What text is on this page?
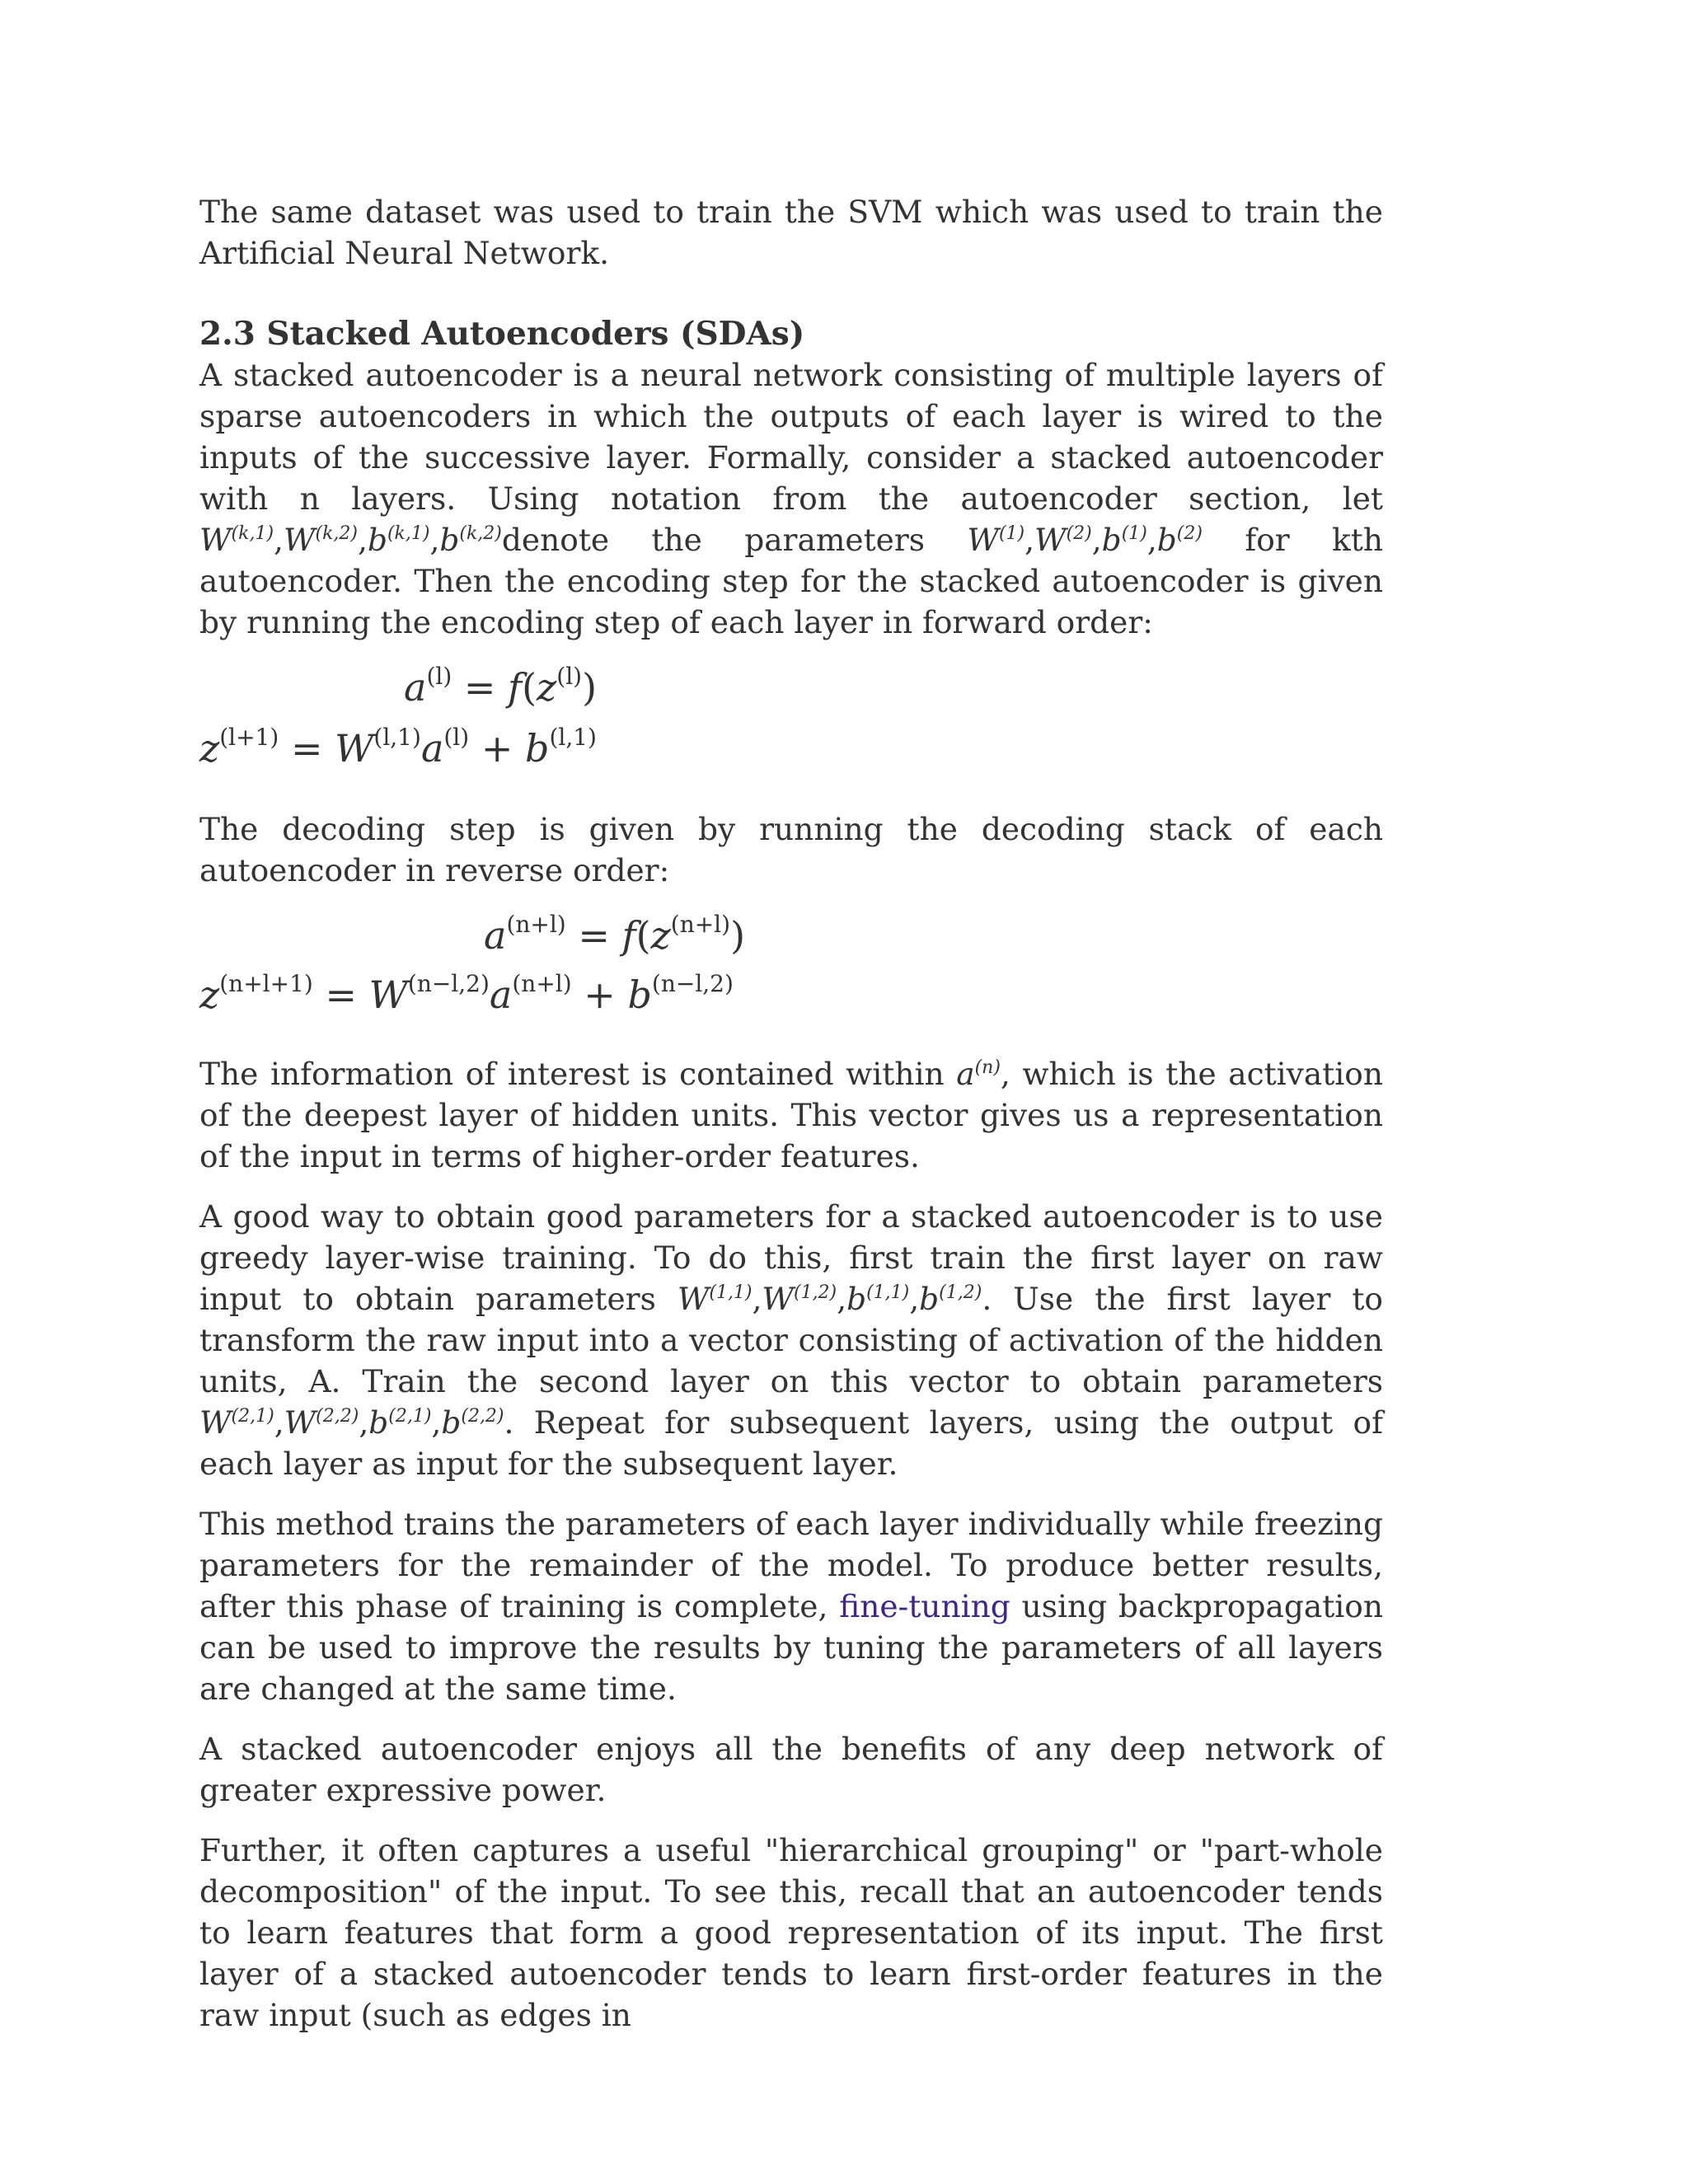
The same dataset was used to train the SVM which was used to train the Artificial Neural Network.

2.3 Stacked Autoencoders (SDAs)

A stacked autoencoder is a neural network consisting of multiple layers of sparse autoencoders in which the outputs of each layer is wired to the inputs of the successive layer. Formally, consider a stacked autoencoder with n layers. Using notation from the autoencoder section, let $W^{(k,1)},W^{(k,2)},b^{(k,1)},b^{(k,2)}denote$ the parameters $W^{(1)},W^{(2)},b^{(1)},b^{(2)}$ for kth autoencoder. Then the encoding step for the stacked autoencoder is given by running the encoding step of each layer in forward order:

$a^{(l)} = f(z^{(l)})$
$z^{(l+1)} = W^{(l,1)}a^{(l)} + b^{(l,1)}$

The decoding step is given by running the decoding stack of each autoencoder in reverse order:

$a^{(n+l)} = f(z^{(n+l)})$
$z^{(n+l+1)} = W^{(n-l,2)}a^{(n+l)} + b^{(n-l,2)}$

The information of interest is contained within $a^{(n)}$, which is the activation of the deepest layer of hidden units. This vector gives us a representation of the input in terms of higher-order features.

A good way to obtain good parameters for a stacked autoencoder is to use greedy layer-wise training. To do this, first train the first layer on raw input to obtain parameters $W^{(1,1)},W^{(1,2)},b^{(1,1)},b^{(1,2)}$. Use the first layer to transform the raw input into a vector consisting of activation of the hidden units, A. Train the second layer on this vector to obtain parameters $W^{(2,1)},W^{(2,2)},b^{(2,1)},b^{(2,2)}$. Repeat for subsequent layers, using the output of each layer as input for the subsequent layer.

This method trains the parameters of each layer individually while freezing parameters for the remainder of the model. To produce better results, after this phase of training is complete, fine-tuning using backpropagation can be used to improve the results by tuning the parameters of all layers are changed at the same time.

A stacked autoencoder enjoys all the benefits of any deep network of greater expressive power.

Further, it often captures a useful "hierarchical grouping" or "part-whole decomposition" of the input. To see this, recall that an autoencoder tends to learn features that form a good representation of its input. The first layer of a stacked autoencoder tends to learn first-order features in the raw input (such as edges in
